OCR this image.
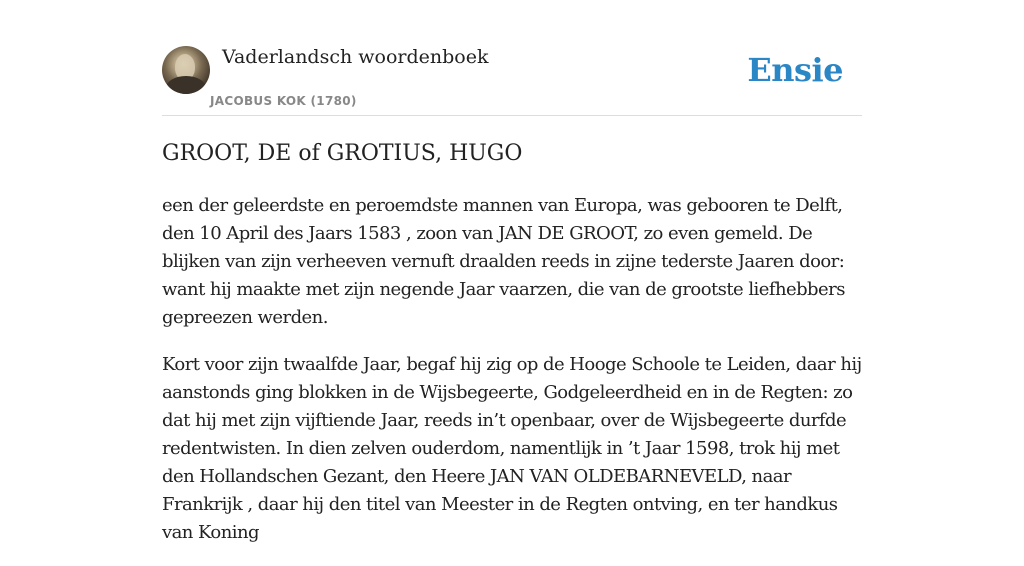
Vaderlandsch woordenboek
JACOBUS KOK (1780)
Ensie
GROOT, DE of GROTIUS, HUGO

een der geleerdste en peroemdste mannen van Europa, was gebooren te Delft, den 10 April des Jaars 1583 , zoon van JAN DE GROOT, zo even gemeld. De blijken van zijn verheeven vernuft draalden reeds in zijne tederste Jaaren door: want hij maakte met zijn negende Jaar vaarzen, die van de grootste liefhebbers gepreezen werden.

Kort voor zijn twaalfde Jaar, begaf hij zig op de Hooge Schoole te Leiden, daar hij aanstonds ging blokken in de Wijsbegeerte, Godgeleerdheid en in de Regten: zo dat hij met zijn vijftiende Jaar, reeds in’t openbaar, over de Wijsbegeerte durfde redentwisten. In dien zelven ouderdom, namentlijk in ’t Jaar 1598, trok hij met den Hollandschen Gezant, den Heere JAN VAN OLDEBARNEVELD, naar Frankrijk , daar hij den titel van Meester in de Regten ontving, en ter handkus van Koning
